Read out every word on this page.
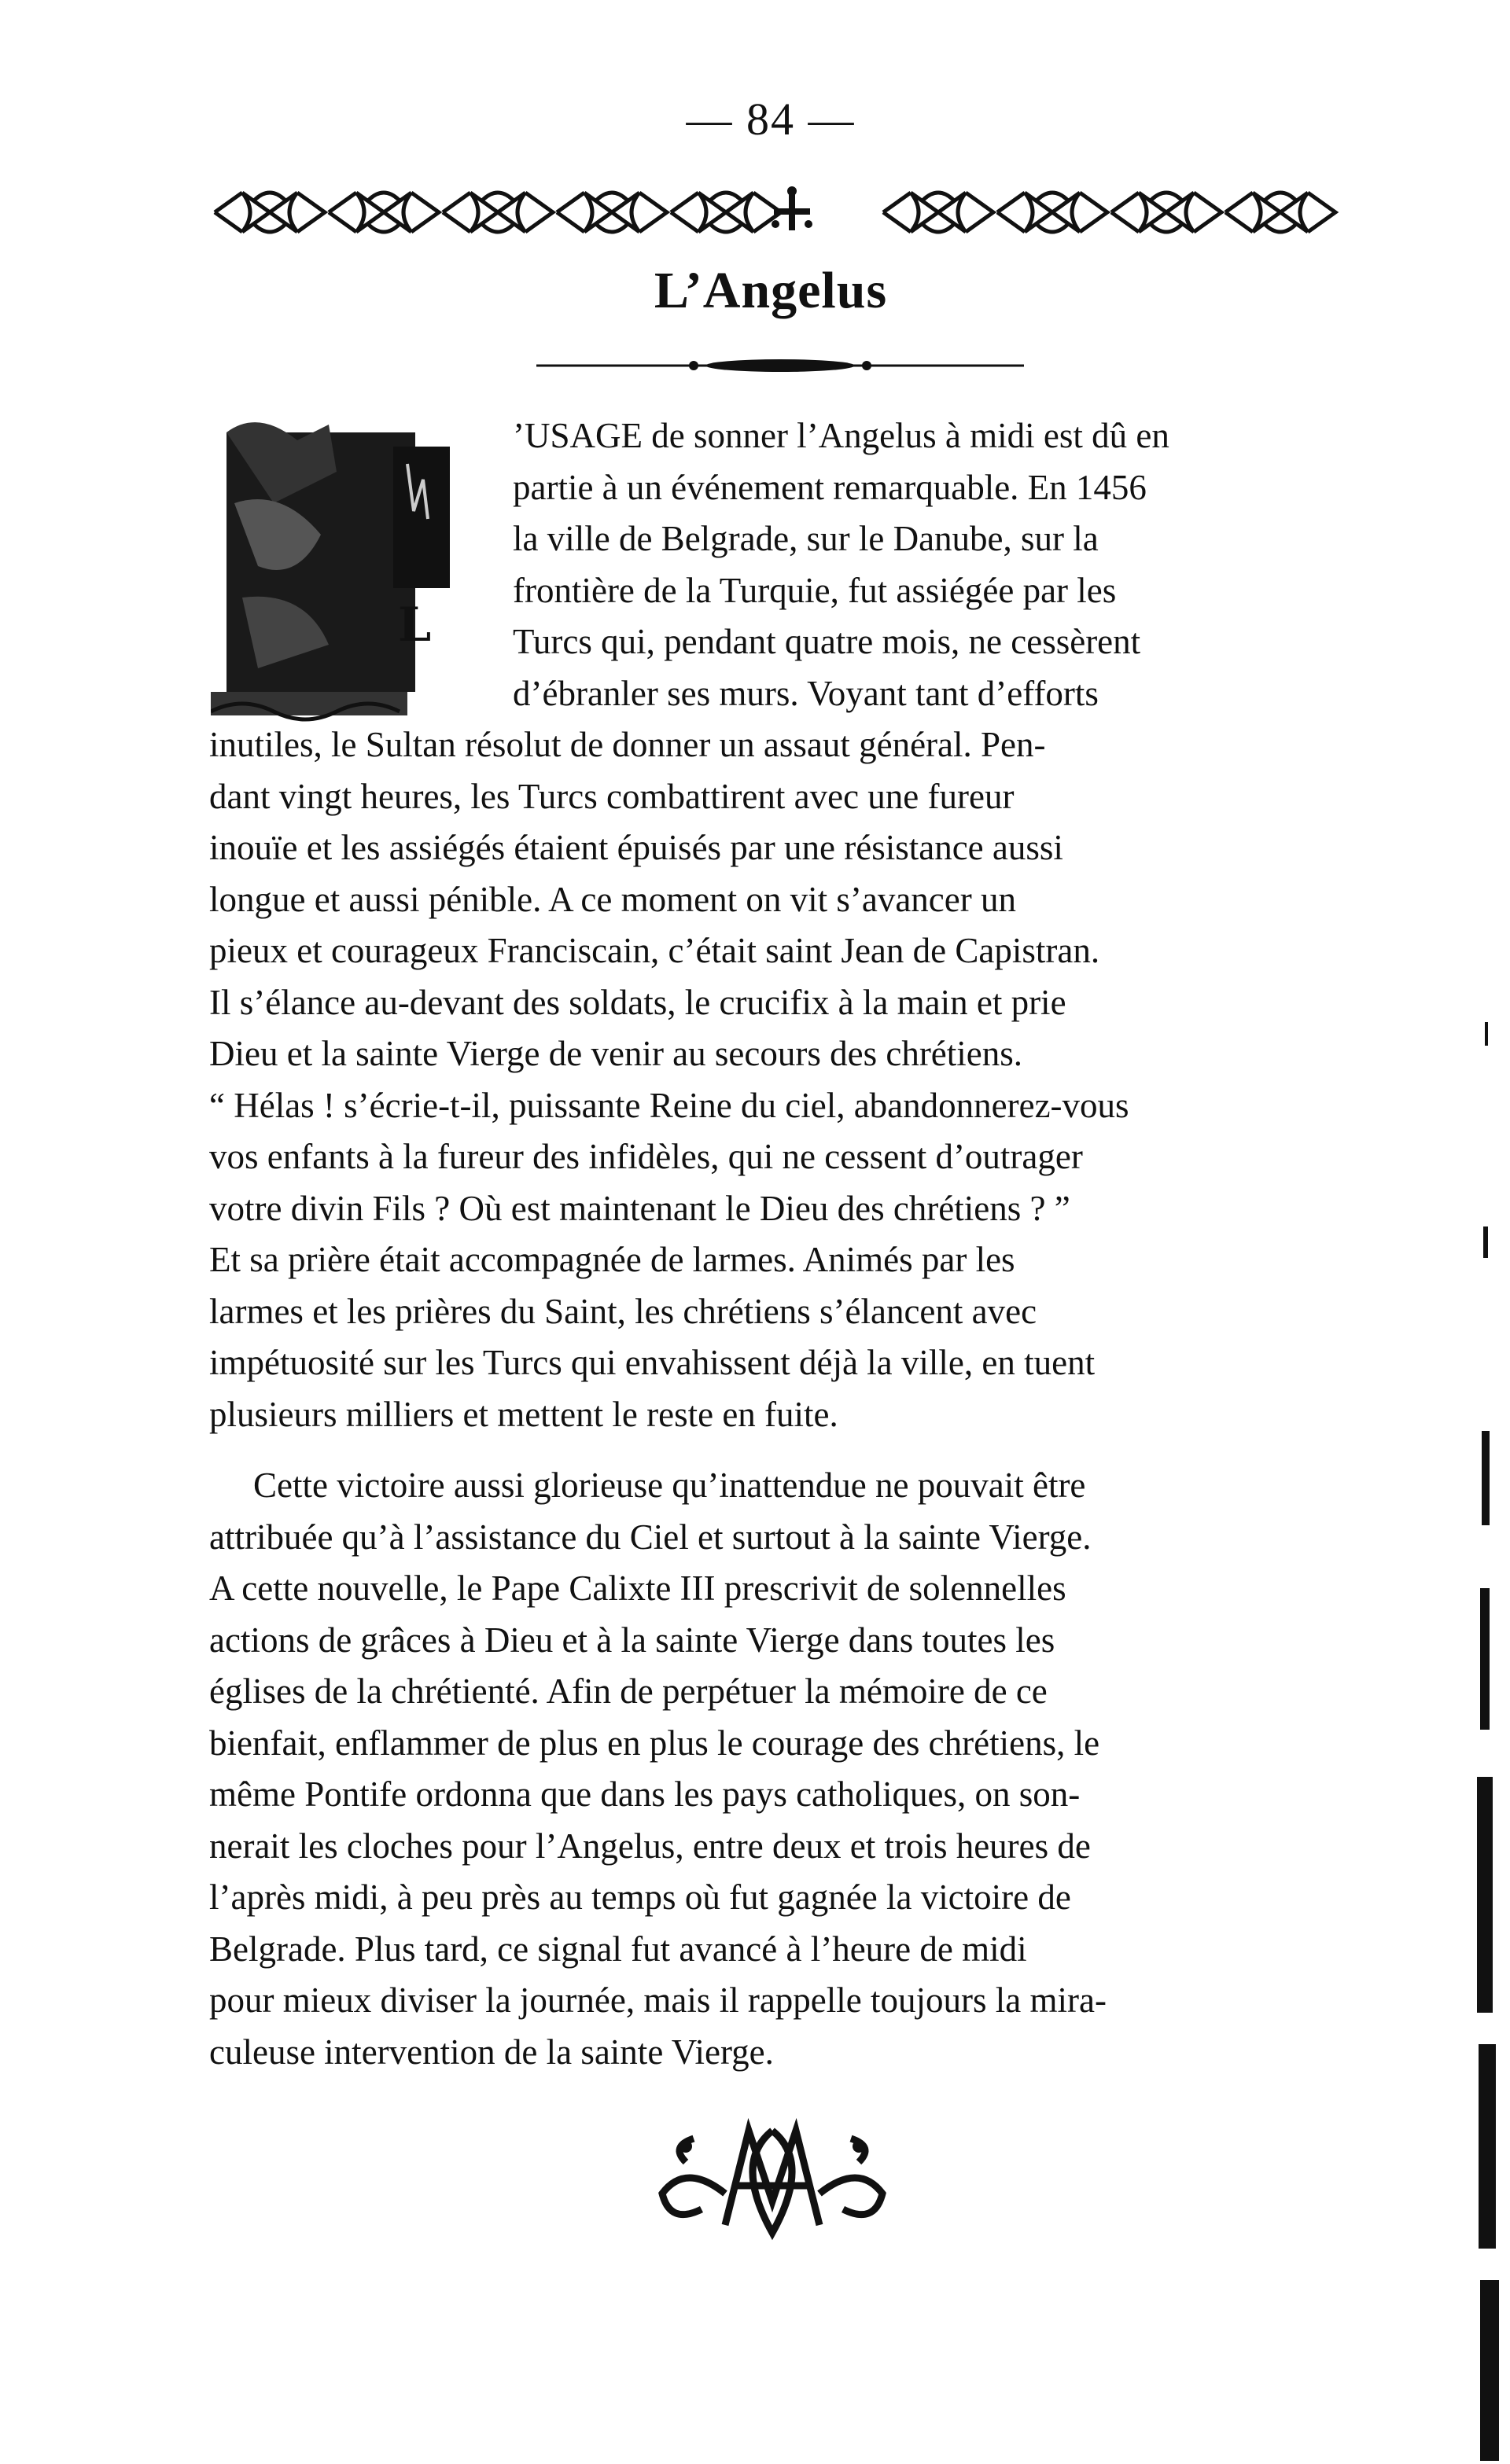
— 84 —
L’Angelus
L
’USAGE de sonner l’Angelus à midi est dû en
partie à un événement remarquable. En 1456
la ville de Belgrade, sur le Danube, sur la
frontière de la Turquie, fut assiégée par les
Turcs qui, pendant quatre mois, ne cessèrent
d’ébranler ses murs. Voyant tant d’efforts
inutiles, le Sultan résolut de donner un assaut général. Pen-
dant vingt heures, les Turcs combattirent avec une fureur
inouïe et les assiégés étaient épuisés par une résistance aussi
longue et aussi pénible. A ce moment on vit s’avancer un
pieux et courageux Franciscain, c’était saint Jean de Capistran.
Il s’élance au-devant des soldats, le crucifix à la main et prie
Dieu et la sainte Vierge de venir au secours des chrétiens.
“ Hélas ! s’écrie-t-il, puissante Reine du ciel, abandonnerez-vous
vos enfants à la fureur des infidèles, qui ne cessent d’outrager
votre divin Fils ? Où est maintenant le Dieu des chrétiens ? ”
Et sa prière était accompagnée de larmes. Animés par les
larmes et les prières du Saint, les chrétiens s’élancent avec
impétuosité sur les Turcs qui envahissent déjà la ville, en tuent
plusieurs milliers et mettent le reste en fuite.
Cette victoire aussi glorieuse qu’inattendue ne pouvait être
attribuée qu’à l’assistance du Ciel et surtout à la sainte Vierge.
A cette nouvelle, le Pape Calixte III prescrivit de solennelles
actions de grâces à Dieu et à la sainte Vierge dans toutes les
églises de la chrétienté. Afin de perpétuer la mémoire de ce
bienfait, enflammer de plus en plus le courage des chrétiens, le
même Pontife ordonna que dans les pays catholiques, on son-
nerait les cloches pour l’Angelus, entre deux et trois heures de
l’après midi, à peu près au temps où fut gagnée la victoire de
Belgrade. Plus tard, ce signal fut avancé à l’heure de midi
pour mieux diviser la journée, mais il rappelle toujours la mira-
culeuse intervention de la sainte Vierge.
